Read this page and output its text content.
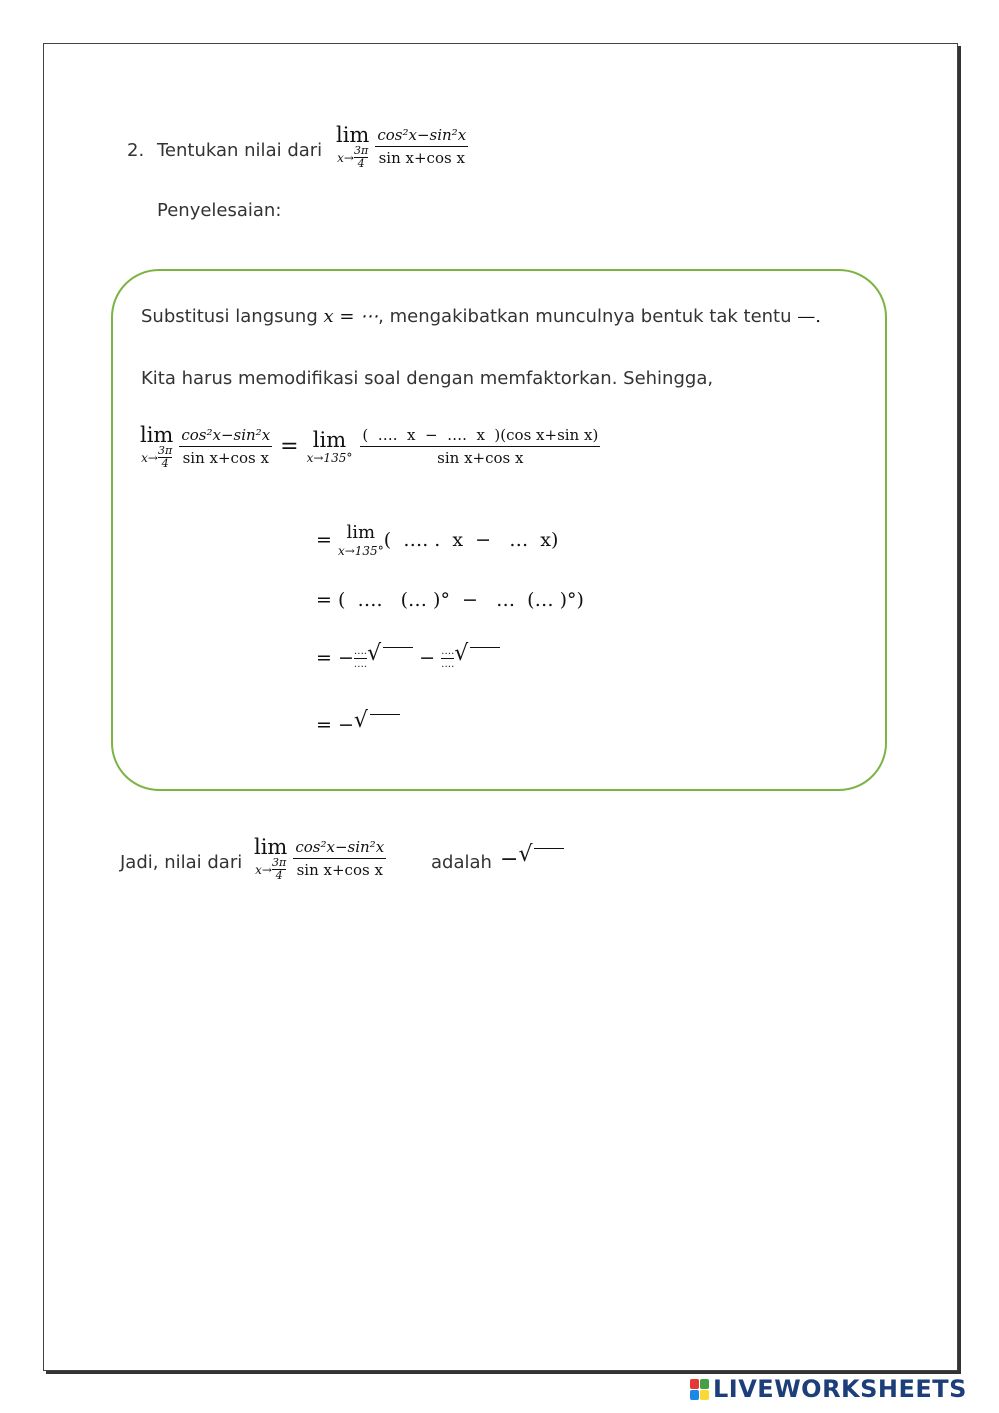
2. Tentukan nilai dari
lim
x→ 3π
$4 \frac{\text{cos²x−sin²x}}{\text{sin x+cos x}}$
Penyelesaian:
Substitusi langsung x = ⋯, mengakibatkan munculnya bentuk tak tentu —.
Kita harus memodifikasi soal dengan memfaktorkan. Sehingga,
lim
x→ 3π
$4 \frac{\text{cos²x−sin²x}}{\text{sin x+cos x}} = \lim$
$x\to 135^\circ \frac{\text{(  ….  x  −  ….  x  )(cos x+sin x)}}{\text{sin x+cos x}}$
= lim
x→135° (  …. .  x  −   …  x)
= (  ….   (… )°  −   …  (… )°)
= − ….
…. √ − ….
…. √
= − √
Jadi, nilai dari
lim
x→ 3π
$4 \frac{\text{cos²x−sin²x}}{\text{sin x+cos x}}$ adalah − √
LIVEWORKSHEETS
